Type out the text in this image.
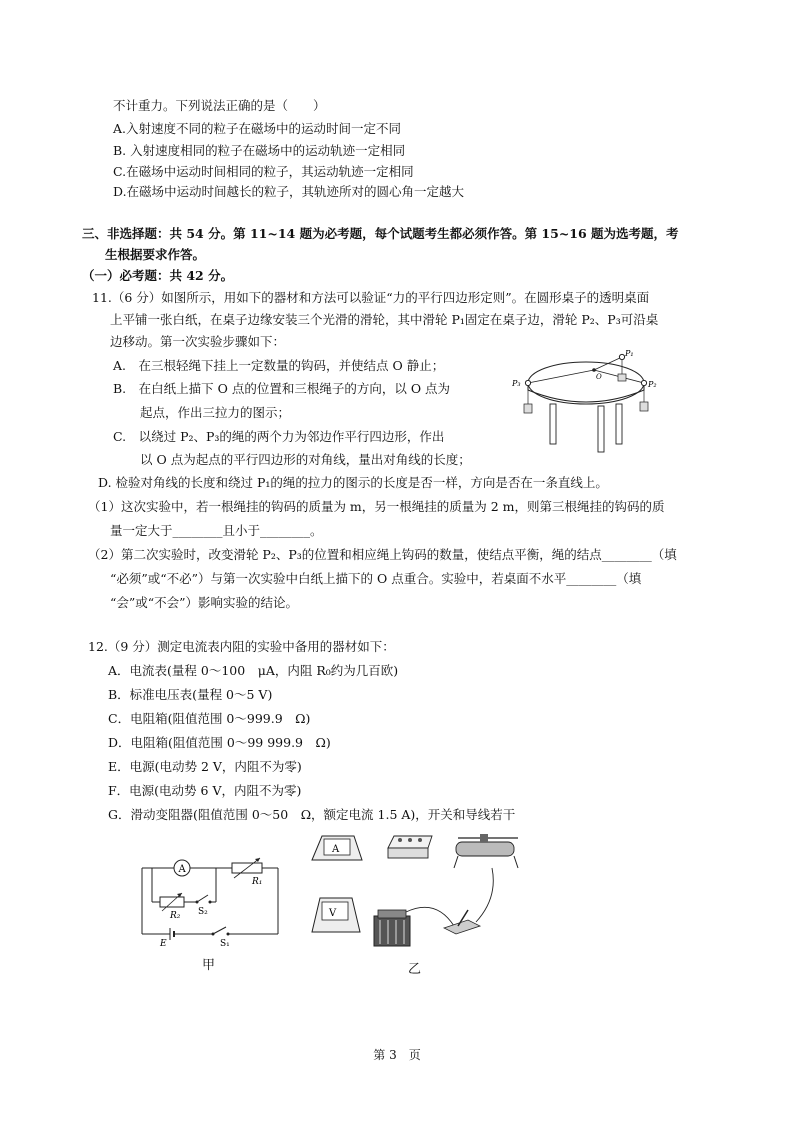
不计重力。下列说法正确的是（　　）
A.入射速度不同的粒子在磁场中的运动时间一定不同
B. 入射速度相同的粒子在磁场中的运动轨迹一定相同
C.在磁场中运动时间相同的粒子，其运动轨迹一定相同
D.在磁场中运动时间越长的粒子，其轨迹所对的圆心角一定越大
三、非选择题：共 54 分。第 11~14 题为必考题，每个试题考生都必须作答。第 15~16 题为选考题，考
生根据要求作答。
（一）必考题：共 42 分。
11.（6 分）如图所示，用如下的器材和方法可以验证“力的平行四边形定则”。在圆形桌子的透明桌面
上平铺一张白纸，在桌子边缘安装三个光滑的滑轮，其中滑轮 P₁固定在桌子边，滑轮 P₂、P₃可沿桌
边移动。第一次实验步骤如下：
A.　在三根轻绳下挂上一定数量的钩码，并使结点 O 静止；
B.　在白纸上描下 O 点的位置和三根绳子的方向，以 O 点为
起点，作出三拉力的图示；
C.　以绕过 P₂、P₃的绳的两个力为邻边作平行四边形，作出
以 O 点为起点的平行四边形的对角线，量出对角线的长度；
D. 检验对角线的长度和绕过 P₁的绳的拉力的图示的长度是否一样，方向是否在一条直线上。
（1）这次实验中，若一根绳挂的钩码的质量为 m，另一根绳挂的质量为 2 m，则第三根绳挂的钩码的质
量一定大于________且小于________。
（2）第二次实验时，改变滑轮 P₂、P₃的位置和相应绳上钩码的数量，使结点平衡，绳的结点________（填
“必须”或“不必”）与第一次实验中白纸上描下的 O 点重合。实验中，若桌面不水平________（填
“会”或“不会”）影响实验的结论。
P₃
P₁
P₂
O
12.（9 分）测定电流表内阻的实验中备用的器材如下：
A．电流表(量程 0～100　μA，内阻 R₀约为几百欧)
B．标准电压表(量程 0～5 V)
C．电阻箱(阻值范围 0～999.9　Ω)
D．电阻箱(阻值范围 0～99 999.9　Ω)
E．电源(电动势 2 V，内阻不为零)
F．电源(电动势 6 V，内阻不为零)
G．滑动变阻器(阻值范围 0～50　Ω，额定电流 1.5 A)，开关和导线若干
A
R₁
R₂ S₂
E	S₁
甲
A
V
乙
第 3　页
